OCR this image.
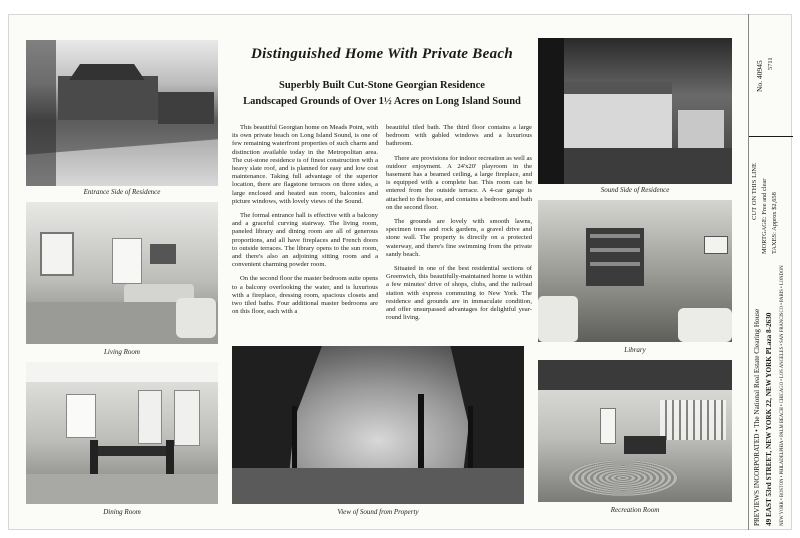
Entrance Side of Residence
Living Room
Dining Room
Distinguished Home With Private Beach
Superbly Built Cut-Stone Georgian Residence
Landscaped Grounds of Over 1½ Acres on Long Island Sound

This beautiful Georgian home on Meads Point, with its own private beach on Long Island Sound, is one of few remaining waterfront properties of such charm and distinction available today in the Metropolitan area. The cut-stone residence is of finest construction with a heavy slate roof, and is planned for easy and low cost maintenance. Taking full advantage of the superior location, there are flagstone terraces on three sides, a large enclosed and heated sun room, balconies and picture windows, with lovely views of the Sound.

The formal entrance hall is effective with a balcony and a graceful curving stairway. The living room, paneled library and dining room are all of generous proportions, and all have fireplaces and French doors to outside terraces. The library opens to the sun room, and there's also an adjoining sitting room and a convenient charming powder room.

On the second floor the master bedroom suite opens to a balcony overlooking the water, and is luxurious with a fireplace, dressing room, spacious closets and two tiled baths. Four additional master bedrooms are on this floor, each with a

beautiful tiled bath. The third floor contains a large bedroom with gabled windows and a luxurious bathroom.

There are provisions for indoor recreation as well as outdoor enjoyment. A 24'x20' playroom in the basement has a beamed ceiling, a large fireplace, and is equipped with a complete bar. This room can be entered from the outside terrace. A 4-car garage is attached to the house, and contains a bedroom and bath on the second floor.

The grounds are lovely with smooth lawns, specimen trees and rock gardens, a gravel drive and stone wall. The property is directly on a protected waterway, and there's fine swimming from the private sandy beach.

Situated in one of the best residential sections of Greenwich, this beautifully-maintained home is within a few minutes' drive of shops, clubs, and the railroad station with express commuting to New York. The residence and grounds are in immaculate condition, and offer unsurpassed advantages for delightful year-round living.

View of Sound from Property
Sound Side of Residence
Library
Recreation Room
No. 40945 5711
CUT ON THIS LINE MORTGAGE: Free and clear TAXES: Approx $2,658
PREVIEWS INCORPORATED • The National Real Estate Clearing House 49 EAST 53rd STREET, NEW YORK 22, NEW YORK PLaza 8-2630 NEW YORK • BOSTON • PHILADELPHIA • PALM BEACH • CHICAGO • LOS ANGELES • SAN FRANCISCO • PARIS • LONDON
